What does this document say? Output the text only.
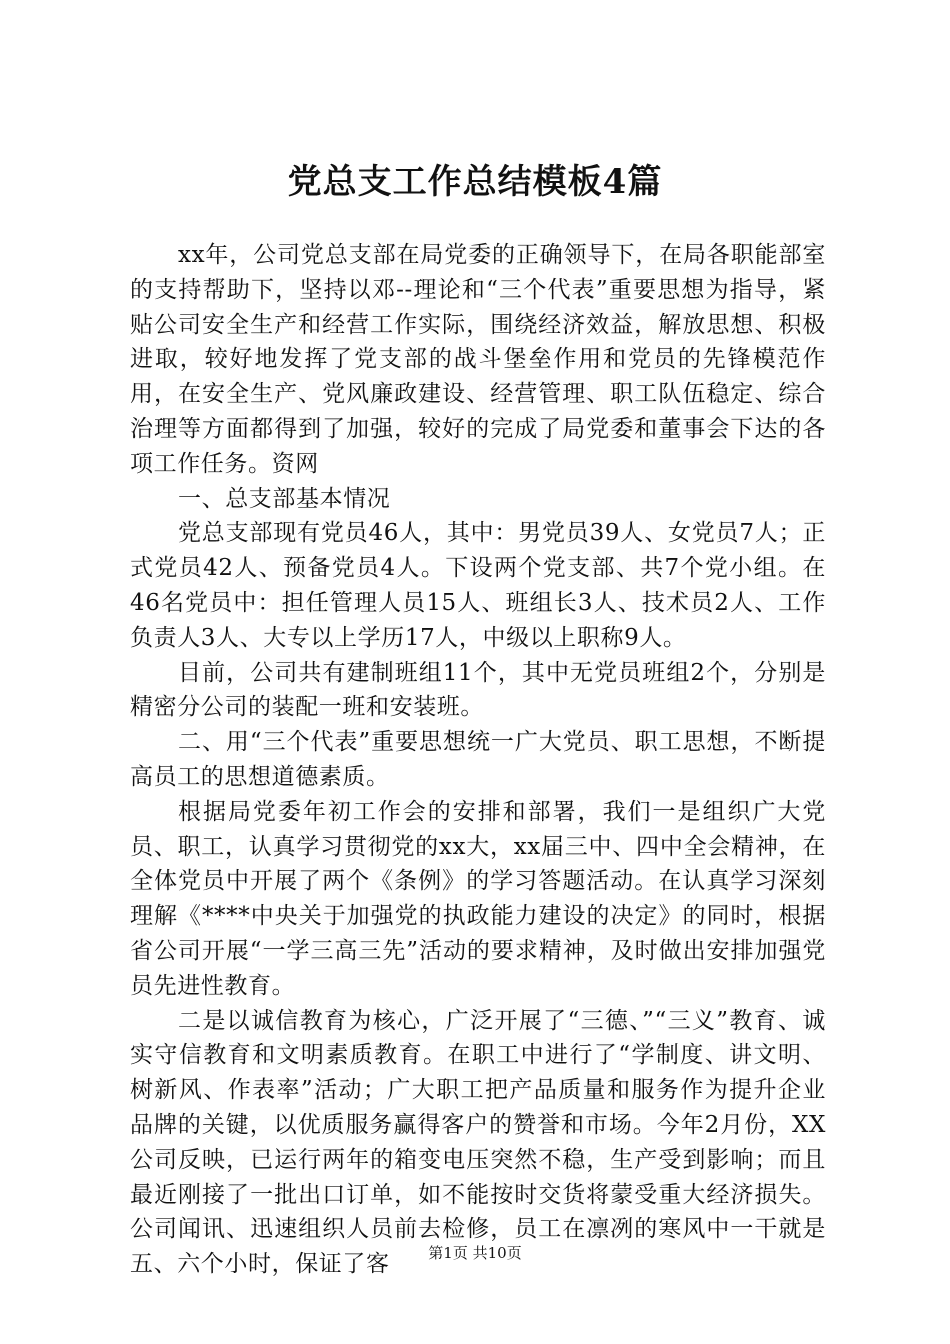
党总支工作总结模板4篇

xx年，公司党总支部在局党委的正确领导下，在局各职能部室的支持帮助下，坚持以邓--理论和“三个代表”重要思想为指导，紧贴公司安全生产和经营工作实际，围绕经济效益，解放思想、积极进取，较好地发挥了党支部的战斗堡垒作用和党员的先锋模范作用，在安全生产、党风廉政建设、经营管理、职工队伍稳定、综合治理等方面都得到了加强，较好的完成了局党委和董事会下达的各项工作任务。资网

一、总支部基本情况

党总支部现有党员46人，其中：男党员39人、女党员7人；正式党员42人、预备党员4人。下设两个党支部、共7个党小组。在46名党员中：担任管理人员15人、班组长3人、技术员2人、工作负责人3人、大专以上学历17人，中级以上职称9人。

目前，公司共有建制班组11个，其中无党员班组2个，分别是精密分公司的装配一班和安装班。

二、用“三个代表”重要思想统一广大党员、职工思想，不断提高员工的思想道德素质。

根据局党委年初工作会的安排和部署，我们一是组织广大党员、职工，认真学习贯彻党的xx大，xx届三中、四中全会精神，在全体党员中开展了两个《条例》的学习答题活动。在认真学习深刻理解《****中央关于加强党的执政能力建设的决定》的同时，根据省公司开展“一学三高三先”活动的要求精神，及时做出安排加强党员先进性教育。

二是以诚信教育为核心，广泛开展了“三德、”“三义”教育、诚实守信教育和文明素质教育。在职工中进行了“学制度、讲文明、树新风、作表率”活动；广大职工把产品质量和服务作为提升企业品牌的关键，以优质服务赢得客户的赞誉和市场。今年2月份，XX公司反映，已运行两年的箱变电压突然不稳，生产受到影响；而且最近刚接了一批出口订单，如不能按时交货将蒙受重大经济损失。公司闻讯、迅速组织人员前去检修，员工在凛冽的寒风中一干就是五、六个小时，保证了客	第1页 共10页
